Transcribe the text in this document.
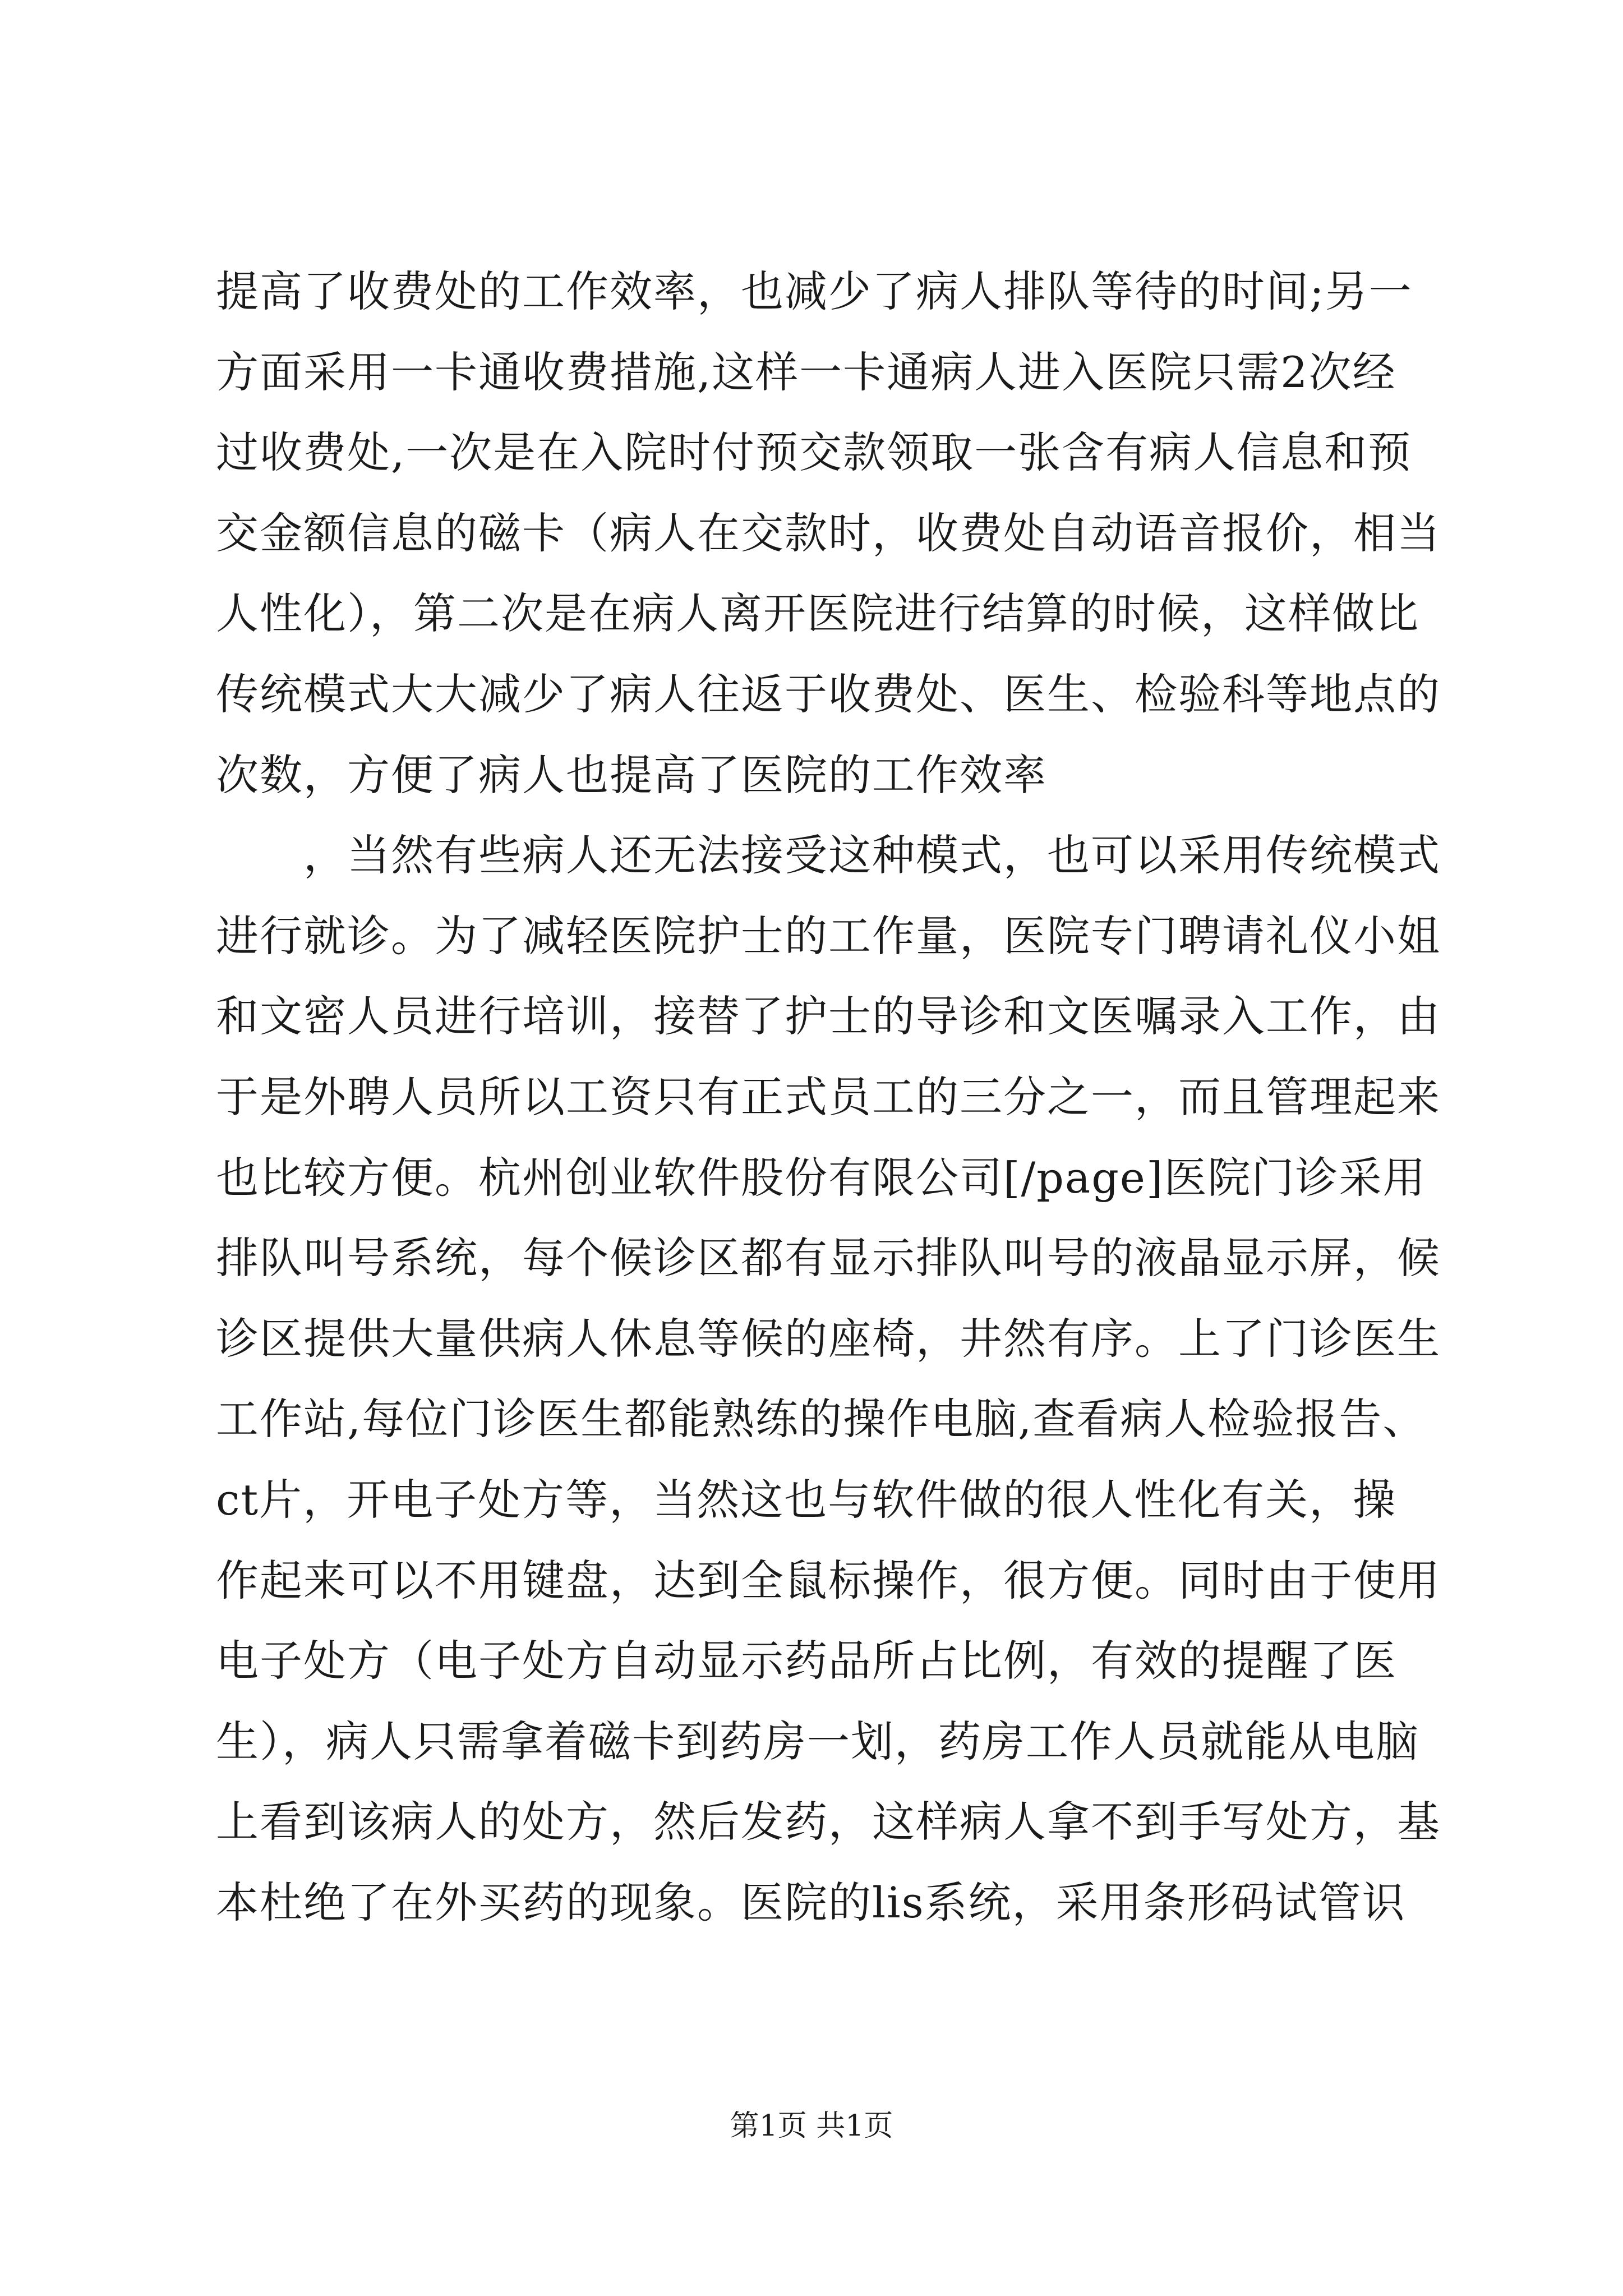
提高了收费处的工作效率，也减少了病人排队等待的时间;另一
方面采用一卡通收费措施,这样一卡通病人进入医院只需2次经
过收费处,一次是在入院时付预交款领取一张含有病人信息和预
交金额信息的磁卡（病人在交款时，收费处自动语音报价，相当
人性化），第二次是在病人离开医院进行结算的时候，这样做比
传统模式大大减少了病人往返于收费处、医生、检验科等地点的
次数，方便了病人也提高了医院的工作效率
　　，当然有些病人还无法接受这种模式，也可以采用传统模式
进行就诊。为了减轻医院护士的工作量，医院专门聘请礼仪小姐
和文密人员进行培训，接替了护士的导诊和文医嘱录入工作，由
于是外聘人员所以工资只有正式员工的三分之一，而且管理起来
也比较方便。杭州创业软件股份有限公司[/page]医院门诊采用
排队叫号系统，每个候诊区都有显示排队叫号的液晶显示屏，候
诊区提供大量供病人休息等候的座椅，井然有序。上了门诊医生
工作站,每位门诊医生都能熟练的操作电脑,查看病人检验报告、
ct片，开电子处方等，当然这也与软件做的很人性化有关，操
作起来可以不用键盘，达到全鼠标操作，很方便。同时由于使用
电子处方（电子处方自动显示药品所占比例，有效的提醒了医
生），病人只需拿着磁卡到药房一划，药房工作人员就能从电脑
上看到该病人的处方，然后发药，这样病人拿不到手写处方，基
本杜绝了在外买药的现象。医院的lis系统，采用条形码试管识
第1页 共1页
